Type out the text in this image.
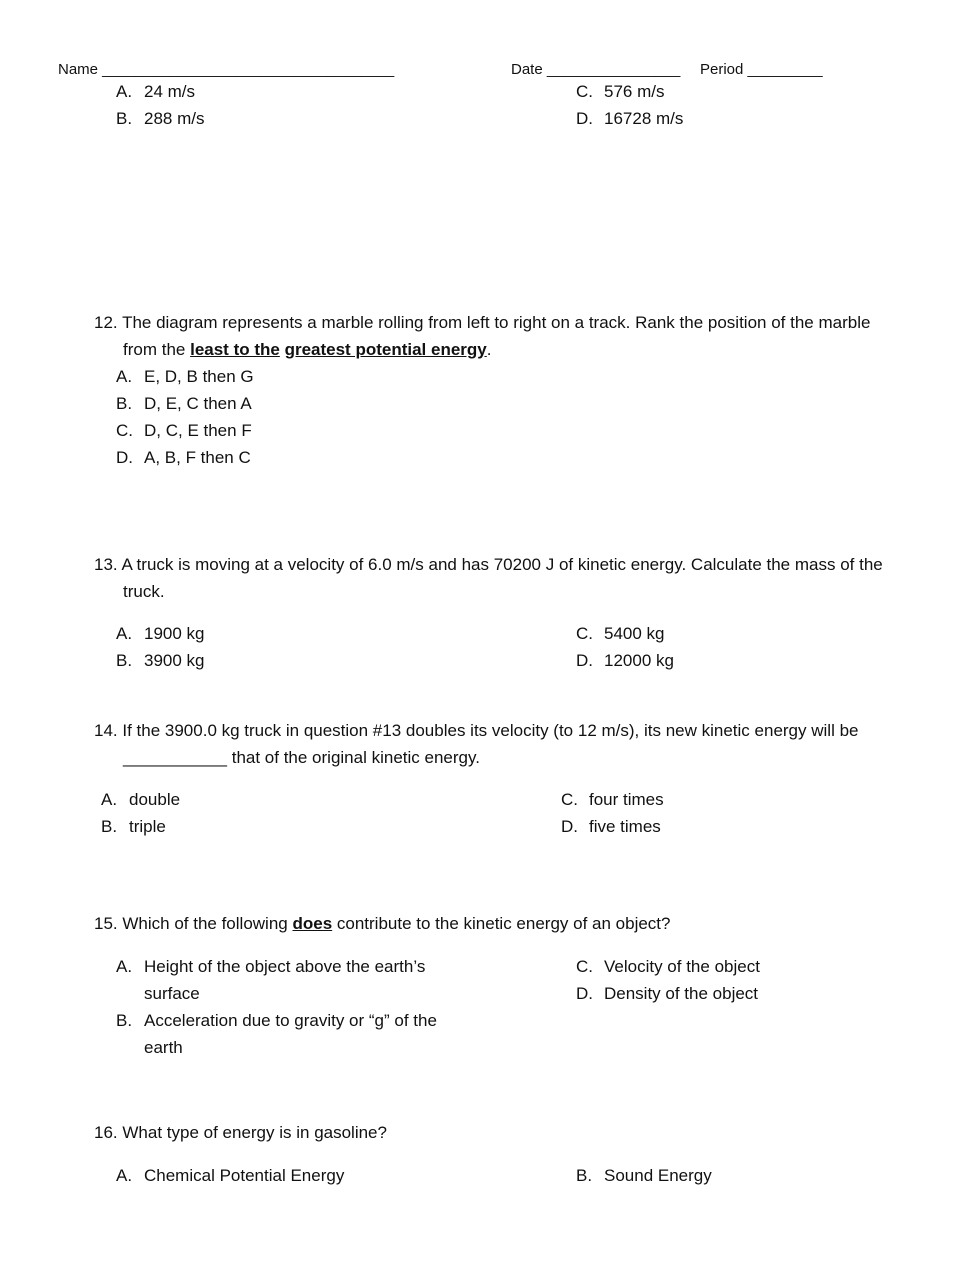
Name ___________________________________	Date ________________ Period _________
A. 24 m/s
B. 288 m/s
C. 576 m/s
D. 16728 m/s
12. The diagram represents a marble rolling from left to right on a track. Rank the position of the marble
from the least to the greatest potential energy.
A. E, D, B then G
B. D, E, C then A
C. D, C, E then F
D. A, B, F then C
13. A truck is moving at a velocity of 6.0 m/s and has 70200 J of kinetic energy. Calculate the mass of the
truck.
A. 1900 kg
B. 3900 kg
C. 5400 kg
D. 12000 kg
14. If the 3900.0 kg truck in question #13 doubles its velocity (to 12 m/s), its new kinetic energy will be
___________ that of the original kinetic energy.
A. double
B. triple
C. four times
D. five times
15. Which of the following does contribute to the kinetic energy of an object?
A. Height of the object above the earth’s
surface
B. Acceleration due to gravity or “g” of the
earth
C. Velocity of the object
D. Density of the object
16. What type of energy is in gasoline?
A. Chemical Potential Energy	B. Sound Energy
